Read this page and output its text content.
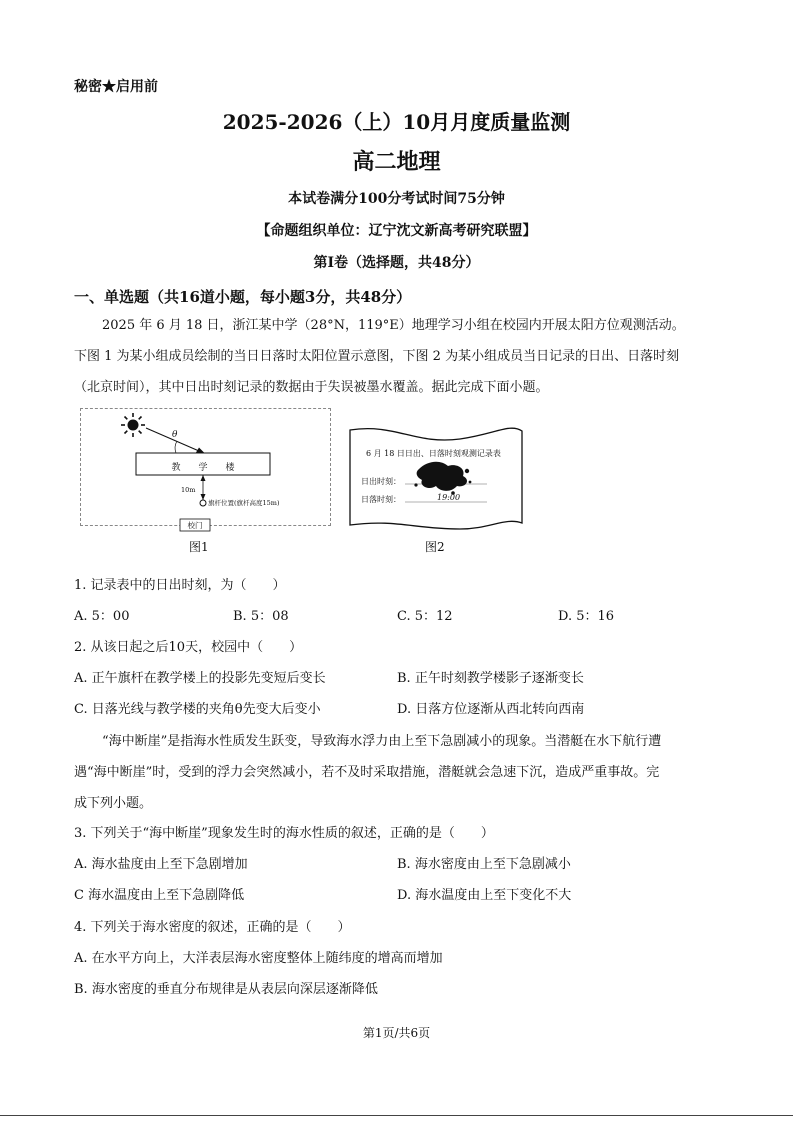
秘密★启用前
2025-2026（上）10月月度质量监测
高二地理
本试卷满分100分考试时间75分钟
【命题组织单位：辽宁沈文新高考研究联盟】
第Ⅰ卷（选择题，共48分）
一、单选题（共16道小题，每小题3分，共48分）
2025 年 6 月 18 日，浙江某中学（28°N，119°E）地理学习小组在校园内开展太阳方位观测活动。
下图 1 为某小组成员绘制的当日日落时太阳位置示意图，下图 2 为某小组成员当日记录的日出、日落时刻
（北京时间），其中日出时刻记录的数据由于失误被墨水覆盖。据此完成下面小题。
θ
教　　学　　楼
10m
旗杆位置(旗杆高度15m)
校门
图1
6 月 18 日日出、日落时刻观测记录表
日出时刻：
日落时刻：	19:00
图2
1. 记录表中的日出时刻，为（　　）
A. 5：00	B. 5：08	C. 5：12	D. 5：16
2. 从该日起之后10天，校园中（　　）
A. 正午旗杆在教学楼上的投影先变短后变长	B. 正午时刻教学楼影子逐渐变长
C. 日落光线与教学楼的夹角θ先变大后变小	D. 日落方位逐渐从西北转向西南
“海中断崖”是指海水性质发生跃变，导致海水浮力由上至下急剧减小的现象。当潜艇在水下航行遭
遇“海中断崖”时，受到的浮力会突然减小，若不及时采取措施，潜艇就会急速下沉，造成严重事故。完
成下列小题。
3. 下列关于“海中断崖”现象发生时的海水性质的叙述，正确的是（　　）
A. 海水盐度由上至下急剧增加	B. 海水密度由上至下急剧减小
C 海水温度由上至下急剧降低	D. 海水温度由上至下变化不大
4. 下列关于海水密度的叙述，正确的是（　　）
A. 在水平方向上，大洋表层海水密度整体上随纬度的增高而增加
B. 海水密度的垂直分布规律是从表层向深层逐渐降低
第1页/共6页
